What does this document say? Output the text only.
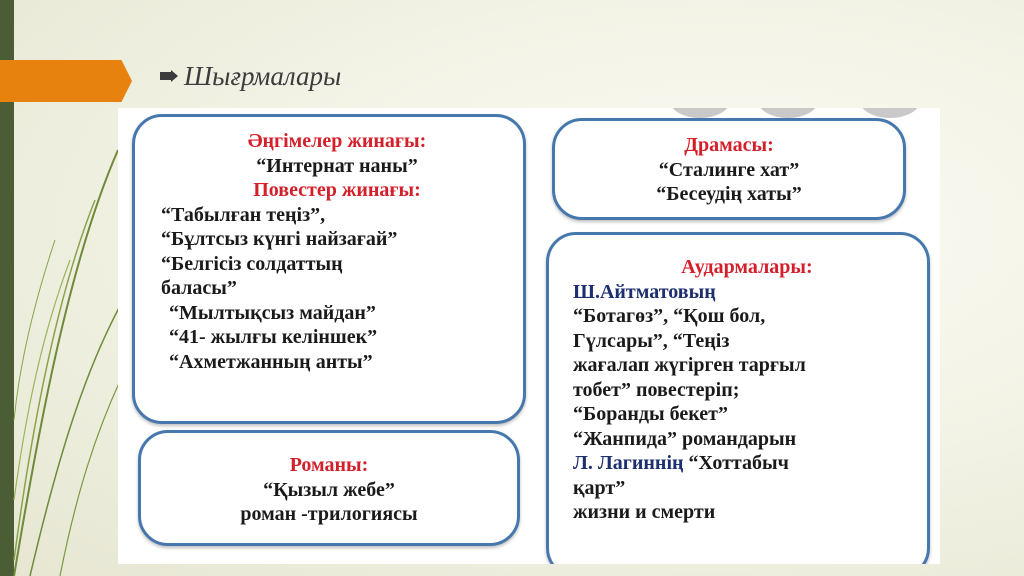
Шығрмалары
Әңгімелер жинағы:
“Интернат наны”
Повестер жинағы:
“Табылған теңіз”,
“Бұлтсыз күнгі найзағай”
“Белгісіз солдаттың
баласы”
“Мылтықсыз майдан”
“41- жылғы келіншек”
“Ахметжанның анты”
Романы:
“Қызыл жебе”
роман -трилогиясы
Драмасы:
“Сталинге хат”
“Бесеудің хаты”
Аудармалары:
Ш.Айтматовың
“Ботагөз”, “Қош бол,
Гүлсары”, “Теңіз
жағалап жүгірген тарғыл
тобет” повестеріп;
“Боранды бекет”
“Жанпида” романдарын
Л. Лагиннің “Хоттабыч
қарт”
жизни и смерти
